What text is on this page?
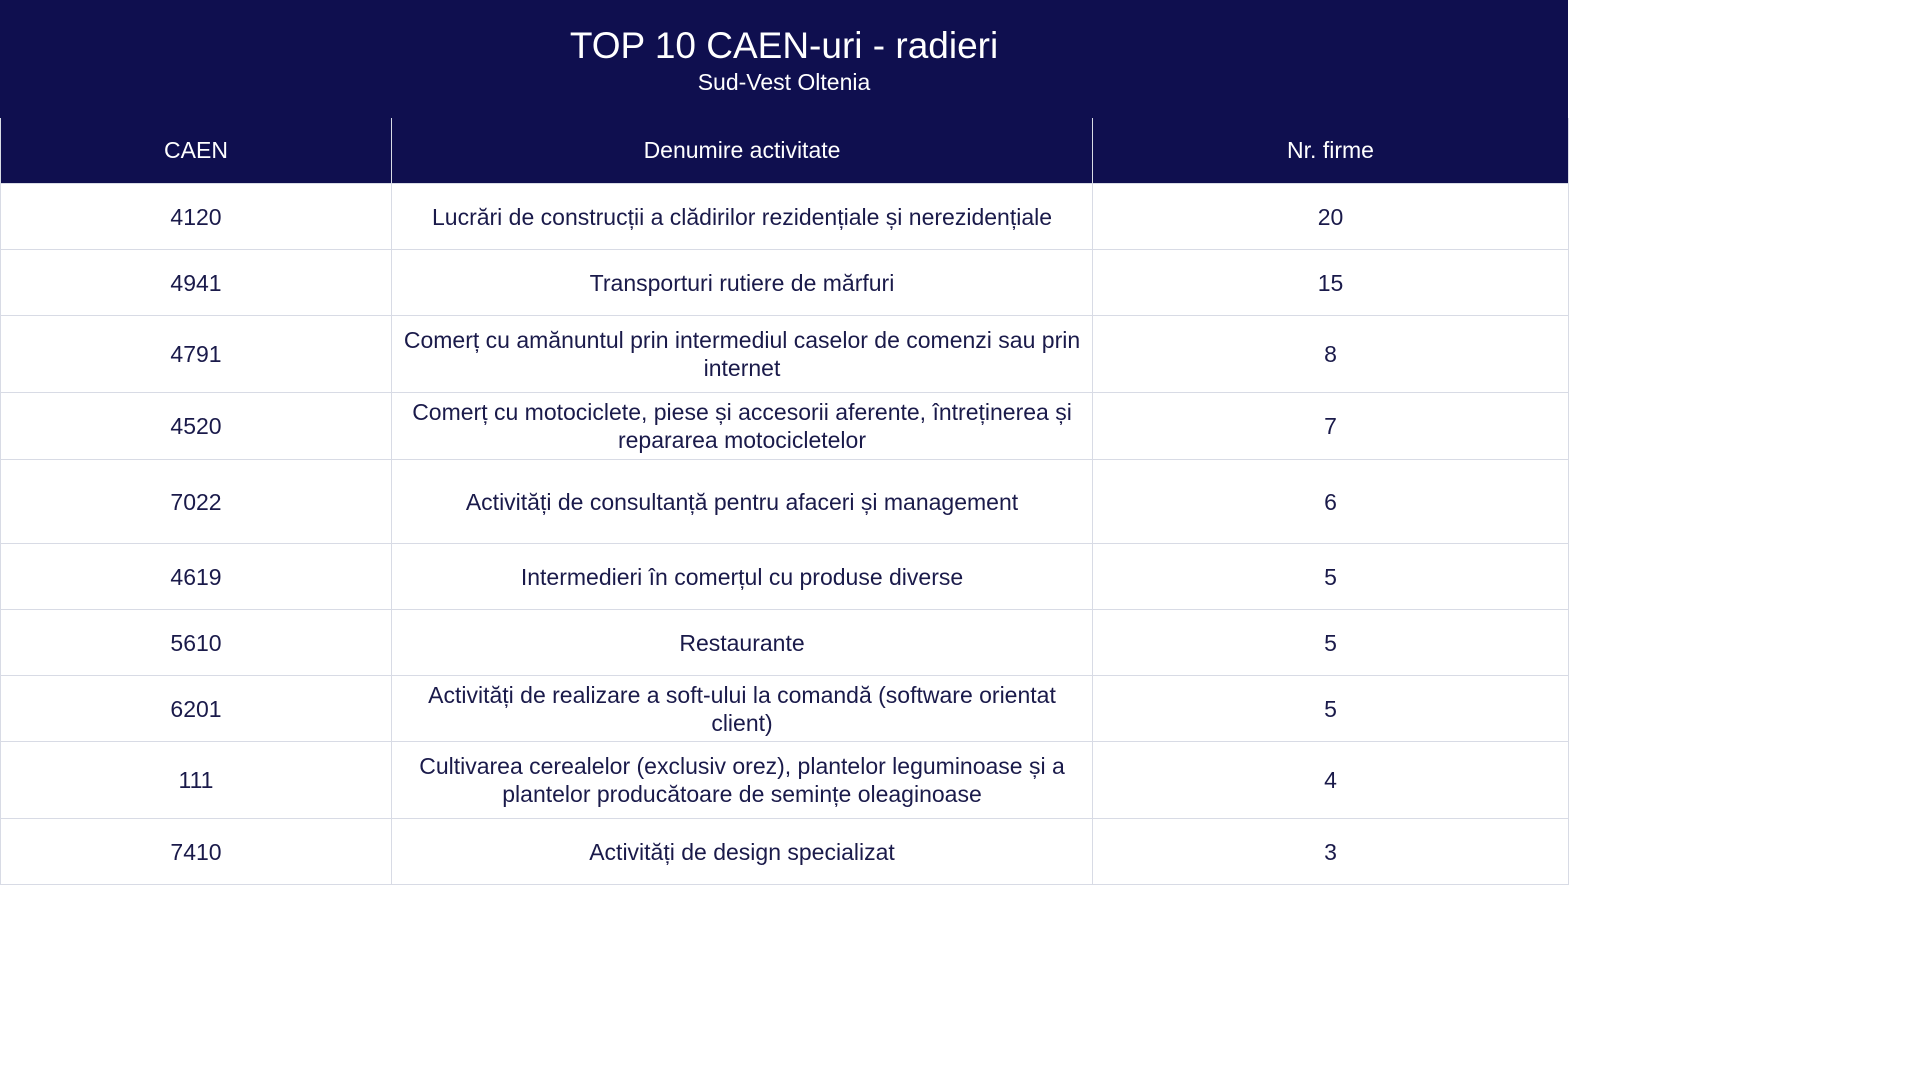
TOP 10 CAEN-uri - radieri
Sud-Vest Oltenia
CAEN	Denumire activitate	Nr. firme
4120	Lucrări de construcții a clădirilor rezidențiale și nerezidențiale	20
4941	Transporturi rutiere de mărfuri	15
4791	Comerț cu amănuntul prin intermediul caselor de comenzi sau prin internet	8
4520	Comerț cu motociclete, piese și accesorii aferente, întreținerea și repararea motocicletelor	7
7022	Activități de consultanță pentru afaceri și management	6
4619	Intermedieri în comerțul cu produse diverse	5
5610	Restaurante	5
6201	Activități de realizare a soft-ului la comandă (software orientat client)	5
111	Cultivarea cerealelor (exclusiv orez), plantelor leguminoase și a plantelor producătoare de semințe oleaginoase	4
7410	Activități de design specializat	3
